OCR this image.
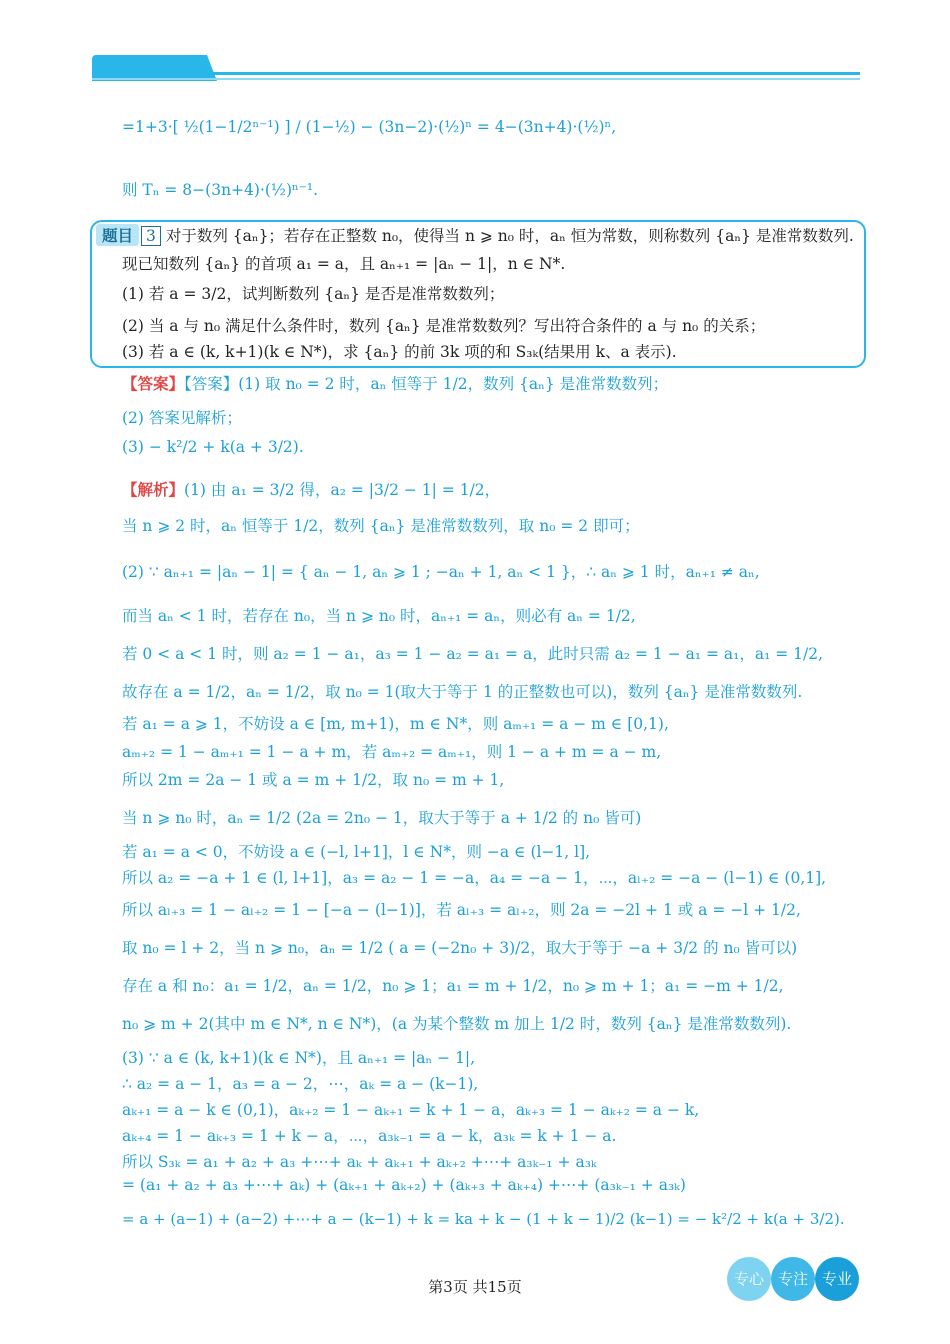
=1+3·[ ½(1−1/2ⁿ⁻¹) ] / (1−½) − (3n−2)·(½)ⁿ = 4−(3n+4)·(½)ⁿ,
则 Tₙ = 8−(3n+4)·(½)ⁿ⁻¹.
题目 3 对于数列 {aₙ}；若存在正整数 n₀，使得当 n ⩾ n₀ 时，aₙ 恒为常数，则称数列 {aₙ} 是准常数数列.
现已知数列 {aₙ} 的首项 a₁ = a，且 aₙ₊₁ = |aₙ − 1|，n ∈ N*.
(1) 若 a = 3/2，试判断数列 {aₙ} 是否是准常数数列；
(2) 当 a 与 n₀ 满足什么条件时，数列 {aₙ} 是准常数数列？写出符合条件的 a 与 n₀ 的关系；
(3) 若 a ∈ (k, k+1)(k ∈ N*)，求 {aₙ} 的前 3k 项的和 S₃ₖ(结果用 k、a 表示).
【答案】【答案】(1) 取 n₀ = 2 时，aₙ 恒等于 1/2，数列 {aₙ} 是准常数数列；
(2) 答案见解析；
(3) − k²/2 + k(a + 3/2).
【解析】(1) 由 a₁ = 3/2 得，a₂ = |3/2 − 1| = 1/2，
当 n ⩾ 2 时，aₙ 恒等于 1/2，数列 {aₙ} 是准常数数列，取 n₀ = 2 即可；
(2) ∵ aₙ₊₁ = |aₙ − 1| = { aₙ − 1, aₙ ⩾ 1 ; −aₙ + 1, aₙ < 1 }，∴ aₙ ⩾ 1 时，aₙ₊₁ ≠ aₙ,
而当 aₙ < 1 时，若存在 n₀，当 n ⩾ n₀ 时，aₙ₊₁ = aₙ，则必有 aₙ = 1/2,
若 0 < a < 1 时，则 a₂ = 1 − a₁，a₃ = 1 − a₂ = a₁ = a，此时只需 a₂ = 1 − a₁ = a₁，a₁ = 1/2,
故存在 a = 1/2，aₙ = 1/2，取 n₀ = 1(取大于等于 1 的正整数也可以)，数列 {aₙ} 是准常数数列.
若 a₁ = a ⩾ 1，不妨设 a ∈ [m, m+1)，m ∈ N*，则 aₘ₊₁ = a − m ∈ [0,1),
aₘ₊₂ = 1 − aₘ₊₁ = 1 − a + m，若 aₘ₊₂ = aₘ₊₁，则 1 − a + m = a − m,
所以 2m = 2a − 1 或 a = m + 1/2，取 n₀ = m + 1,
当 n ⩾ n₀ 时，aₙ = 1/2 (2a = 2n₀ − 1，取大于等于 a + 1/2 的 n₀ 皆可)
若 a₁ = a < 0，不妨设 a ∈ (−l, l+1]，l ∈ N*，则 −a ∈ (l−1, l],
所以 a₂ = −a + 1 ∈ (l, l+1]，a₃ = a₂ − 1 = −a，a₄ = −a − 1，⋯，aₗ₊₂ = −a − (l−1) ∈ (0,1],
所以 aₗ₊₃ = 1 − aₗ₊₂ = 1 − [−a − (l−1)]，若 aₗ₊₃ = aₗ₊₂，则 2a = −2l + 1 或 a = −l + 1/2,
取 n₀ = l + 2，当 n ⩾ n₀，aₙ = 1/2 ( a = (−2n₀ + 3)/2，取大于等于 −a + 3/2 的 n₀ 皆可以)
存在 a 和 n₀：a₁ = 1/2，aₙ = 1/2，n₀ ⩾ 1；a₁ = m + 1/2，n₀ ⩾ m + 1；a₁ = −m + 1/2,
n₀ ⩾ m + 2(其中 m ∈ N*, n ∈ N*)，(a 为某个整数 m 加上 1/2 时，数列 {aₙ} 是准常数数列).
(3) ∵ a ∈ (k, k+1)(k ∈ N*)，且 aₙ₊₁ = |aₙ − 1|,
∴ a₂ = a − 1，a₃ = a − 2，⋯，aₖ = a − (k−1),
aₖ₊₁ = a − k ∈ (0,1)，aₖ₊₂ = 1 − aₖ₊₁ = k + 1 − a，aₖ₊₃ = 1 − aₖ₊₂ = a − k,
aₖ₊₄ = 1 − aₖ₊₃ = 1 + k − a，⋯，a₃ₖ₋₁ = a − k，a₃ₖ = k + 1 − a.
所以 S₃ₖ = a₁ + a₂ + a₃ +⋯+ aₖ + aₖ₊₁ + aₖ₊₂ +⋯+ a₃ₖ₋₁ + a₃ₖ
= (a₁ + a₂ + a₃ +⋯+ aₖ) + (aₖ₊₁ + aₖ₊₂) + (aₖ₊₃ + aₖ₊₄) +⋯+ (a₃ₖ₋₁ + a₃ₖ)
= a + (a−1) + (a−2) +⋯+ a − (k−1) + k = ka + k − (1 + k − 1)/2 (k−1) = − k²/2 + k(a + 3/2).
第3页 共15页	专心 专注 专业
